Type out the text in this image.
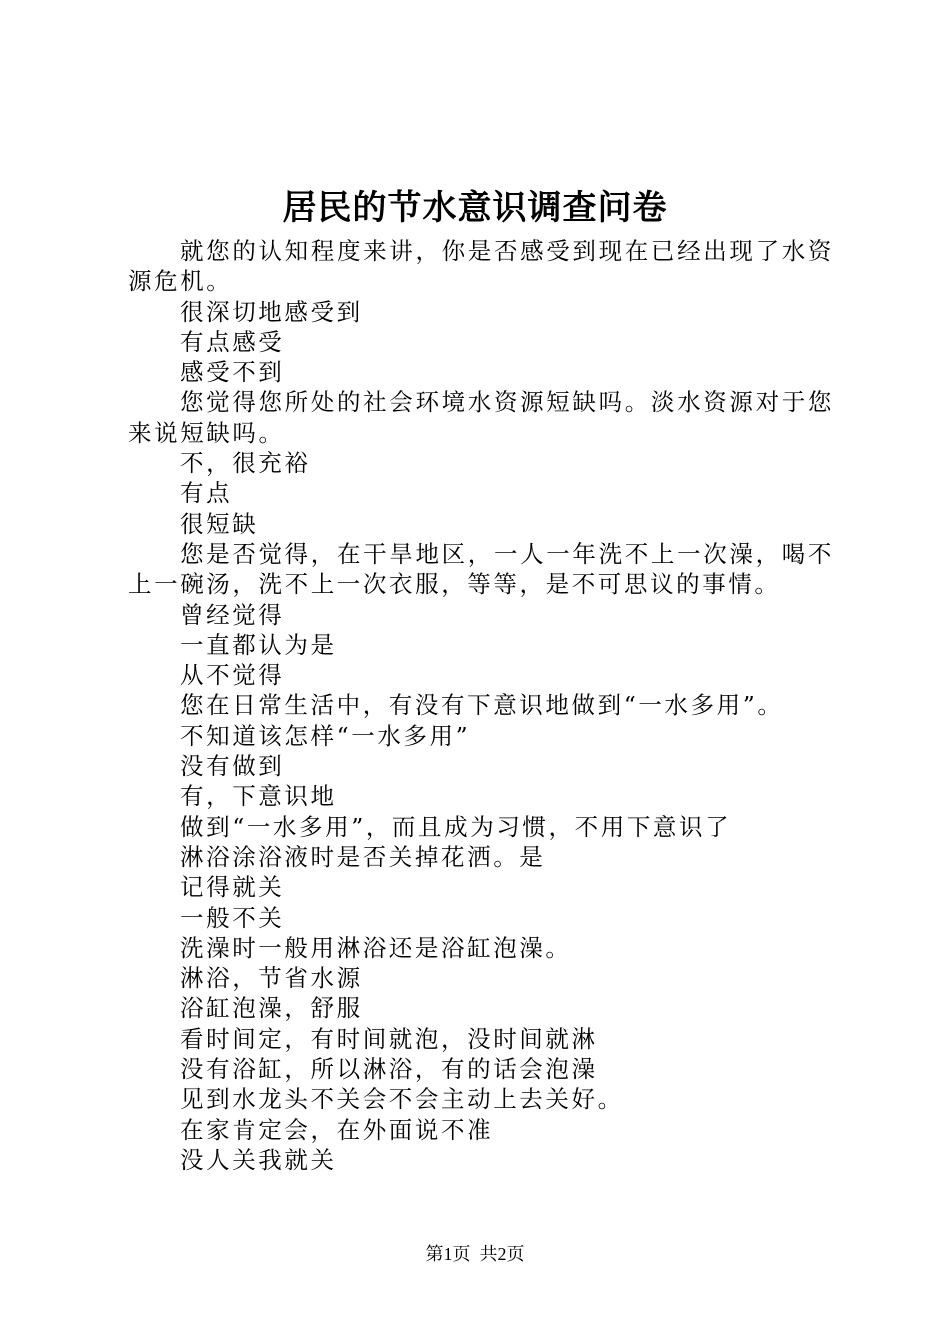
居民的节水意识调查问卷

就您的认知程度来讲，你是否感受到现在已经出现了水资源危机。

很深切地感受到

有点感受

感受不到

您觉得您所处的社会环境水资源短缺吗。淡水资源对于您来说短缺吗。

不，很充裕

有点

很短缺

您是否觉得，在干旱地区，一人一年洗不上一次澡，喝不上一碗汤，洗不上一次衣服，等等，是不可思议的事情。

曾经觉得

一直都认为是

从不觉得

您在日常生活中，有没有下意识地做到“一水多用”。

不知道该怎样“一水多用”

没有做到

有，下意识地

做到“一水多用”，而且成为习惯，不用下意识了

淋浴涂浴液时是否关掉花洒。是

记得就关

一般不关

洗澡时一般用淋浴还是浴缸泡澡。

淋浴，节省水源

浴缸泡澡，舒服

看时间定，有时间就泡，没时间就淋

没有浴缸，所以淋浴，有的话会泡澡

见到水龙头不关会不会主动上去关好。

在家肯定会，在外面说不准

没人关我就关

第1页  共2页
